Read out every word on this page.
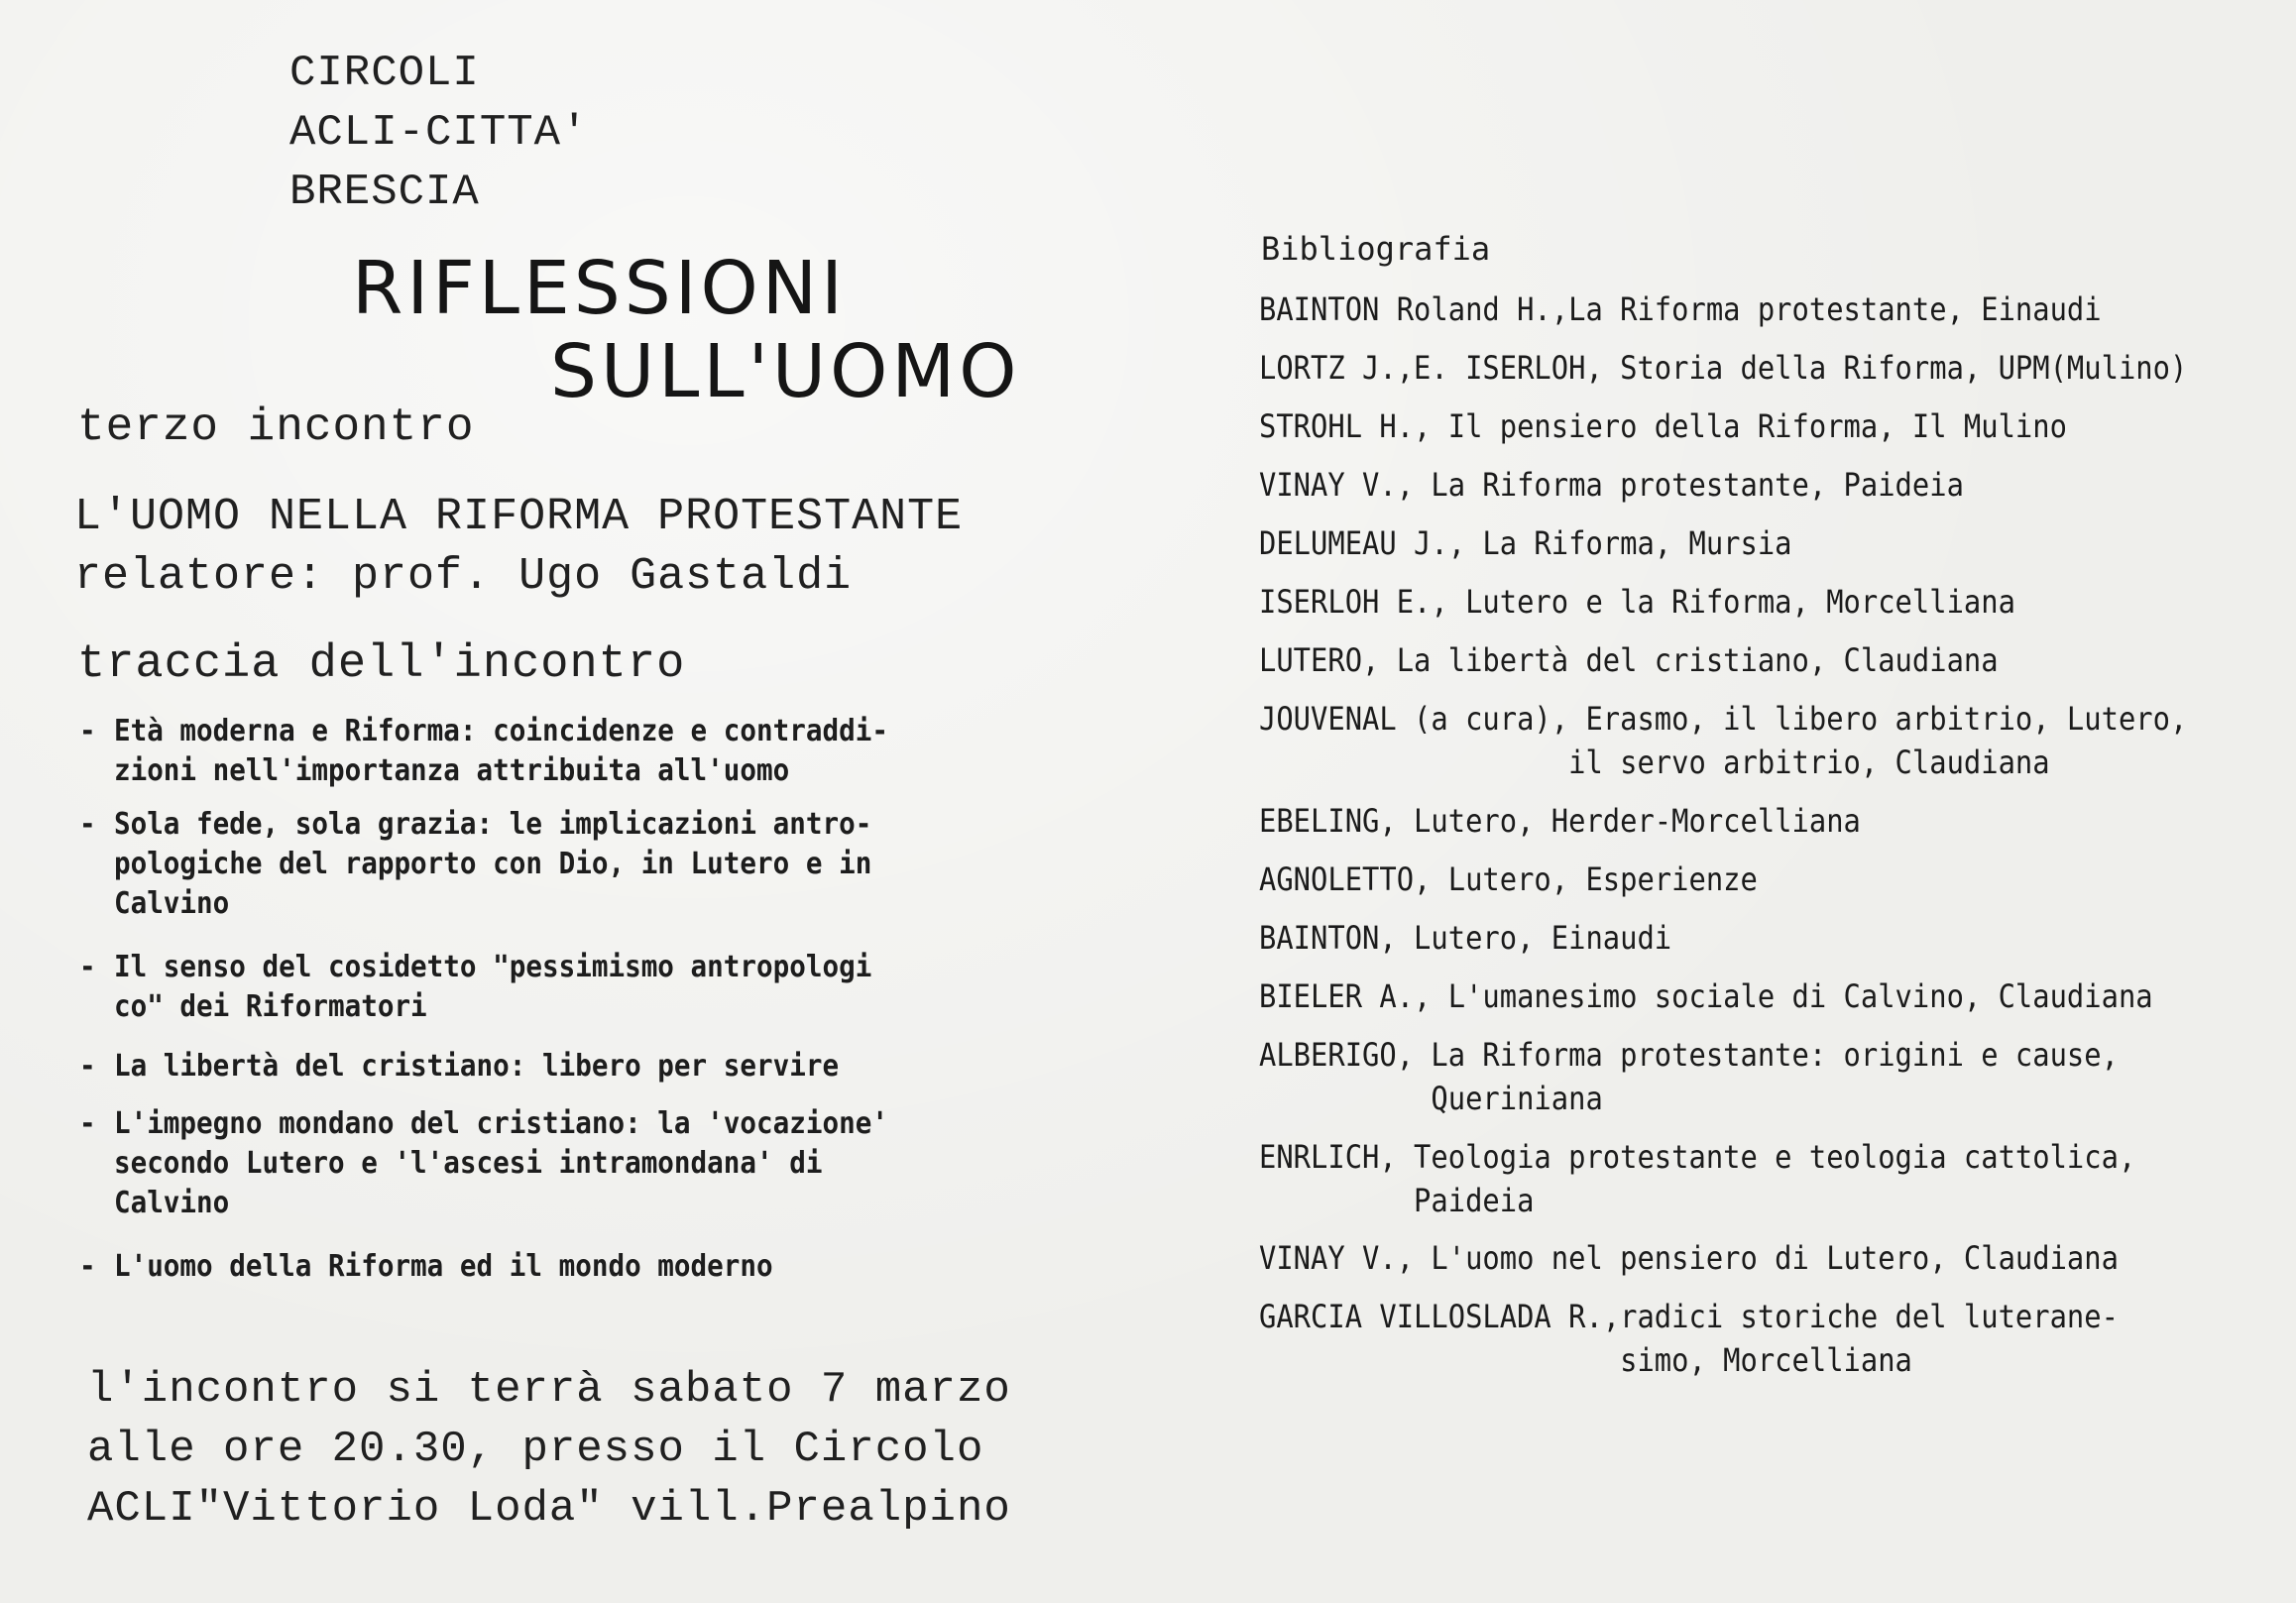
CIRCOLI
ACLI-CITTA'
BRESCIA
RIFLESSIONI
SULL'UOMO
terzo incontro
L'UOMO NELLA RIFORMA PROTESTANTE
relatore: prof. Ugo Gastaldi
traccia dell'incontro
- Età moderna e Riforma: coincidenze e contraddi-
zioni nell'importanza attribuita all'uomo
- Sola fede, sola grazia: le implicazioni antro-
pologiche del rapporto con Dio, in Lutero e in
Calvino
- Il senso del cosidetto "pessimismo antropologi
co" dei Riformatori
- La libertà del cristiano: libero per servire
- L'impegno mondano del cristiano: la 'vocazione'
secondo Lutero e 'l'ascesi intramondana' di
Calvino
- L'uomo della Riforma ed il mondo moderno
l'incontro si terrà sabato 7 marzo
alle ore 20.30, presso il Circolo
ACLI"Vittorio Loda" vill.Prealpino
Bibliografia
BAINTON Roland H.,La Riforma protestante, Einaudi
LORTZ J.,E. ISERLOH, Storia della Riforma, UPM(Mulino)
STROHL H., Il pensiero della Riforma, Il Mulino
VINAY V., La Riforma protestante, Paideia
DELUMEAU J., La Riforma, Mursia
ISERLOH E., Lutero e la Riforma, Morcelliana
LUTERO, La libertà del cristiano, Claudiana
JOUVENAL (a cura), Erasmo, il libero arbitrio, Lutero,
il servo arbitrio, Claudiana
EBELING, Lutero, Herder-Morcelliana
AGNOLETTO, Lutero, Esperienze
BAINTON, Lutero, Einaudi
BIELER A., L'umanesimo sociale di Calvino, Claudiana
ALBERIGO, La Riforma protestante: origini e cause,
Queriniana
ENRLICH, Teologia protestante e teologia cattolica,
Paideia
VINAY V., L'uomo nel pensiero di Lutero, Claudiana
GARCIA VILLOSLADA R.,radici storiche del luterane-
simo, Morcelliana
